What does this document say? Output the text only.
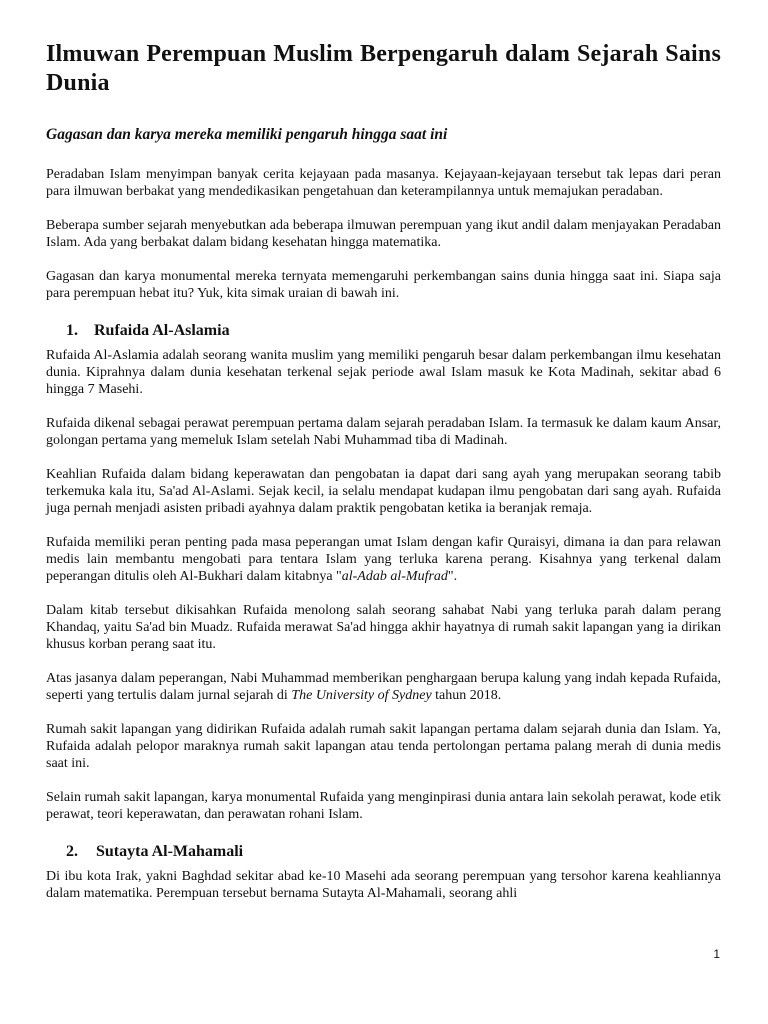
Ilmuwan Perempuan Muslim Berpengaruh dalam Sejarah Sains Dunia
Gagasan dan karya mereka memiliki pengaruh hingga saat ini

Peradaban Islam menyimpan banyak cerita kejayaan pada masanya. Kejayaan-kejayaan tersebut tak lepas dari peran para ilmuwan berbakat yang mendedikasikan pengetahuan dan keterampilannya untuk memajukan peradaban.

Beberapa sumber sejarah menyebutkan ada beberapa ilmuwan perempuan yang ikut andil dalam menjayakan Peradaban Islam. Ada yang berbakat dalam bidang kesehatan hingga matematika.

Gagasan dan karya monumental mereka ternyata memengaruhi perkembangan sains dunia hingga saat ini. Siapa saja para perempuan hebat itu? Yuk, kita simak uraian di bawah ini.

1.	Rufaida Al-Aslamia

Rufaida Al-Aslamia adalah seorang wanita muslim yang memiliki pengaruh besar dalam perkembangan ilmu kesehatan dunia. Kiprahnya dalam dunia kesehatan terkenal sejak periode awal Islam masuk ke Kota Madinah, sekitar abad 6 hingga 7 Masehi.

Rufaida dikenal sebagai perawat perempuan pertama dalam sejarah peradaban Islam. Ia termasuk ke dalam kaum Ansar, golongan pertama yang memeluk Islam setelah Nabi Muhammad tiba di Madinah.

Keahlian Rufaida dalam bidang keperawatan dan pengobatan ia dapat dari sang ayah yang merupakan seorang tabib terkemuka kala itu, Sa'ad Al-Aslami. Sejak kecil, ia selalu mendapat kudapan ilmu pengobatan dari sang ayah. Rufaida juga pernah menjadi asisten pribadi ayahnya dalam praktik pengobatan ketika ia beranjak remaja.

Rufaida memiliki peran penting pada masa peperangan umat Islam dengan kafir Quraisyi, dimana ia dan para relawan medis lain membantu mengobati para tentara Islam yang terluka karena perang. Kisahnya yang terkenal dalam peperangan ditulis oleh Al-Bukhari dalam kitabnya "al-Adab al-Mufrad".

Dalam kitab tersebut dikisahkan Rufaida menolong salah seorang sahabat Nabi yang terluka parah dalam perang Khandaq, yaitu Sa'ad bin Muadz. Rufaida merawat Sa'ad hingga akhir hayatnya di rumah sakit lapangan yang ia dirikan khusus korban perang saat itu.

Atas jasanya dalam peperangan, Nabi Muhammad memberikan penghargaan berupa kalung yang indah kepada Rufaida, seperti yang tertulis dalam jurnal sejarah di The University of Sydney tahun 2018.

Rumah sakit lapangan yang didirikan Rufaida adalah rumah sakit lapangan pertama dalam sejarah dunia dan Islam. Ya, Rufaida adalah pelopor maraknya rumah sakit lapangan atau tenda pertolongan pertama palang merah di dunia medis saat ini.

Selain rumah sakit lapangan, karya monumental Rufaida yang menginpirasi dunia antara lain sekolah perawat, kode etik perawat, teori keperawatan, dan perawatan rohani Islam.

2.	Sutayta Al-Mahamali

Di ibu kota Irak, yakni Baghdad sekitar abad ke-10 Masehi ada seorang perempuan yang tersohor karena keahliannya dalam matematika. Perempuan tersebut bernama Sutayta Al-Mahamali, seorang ahli

1
